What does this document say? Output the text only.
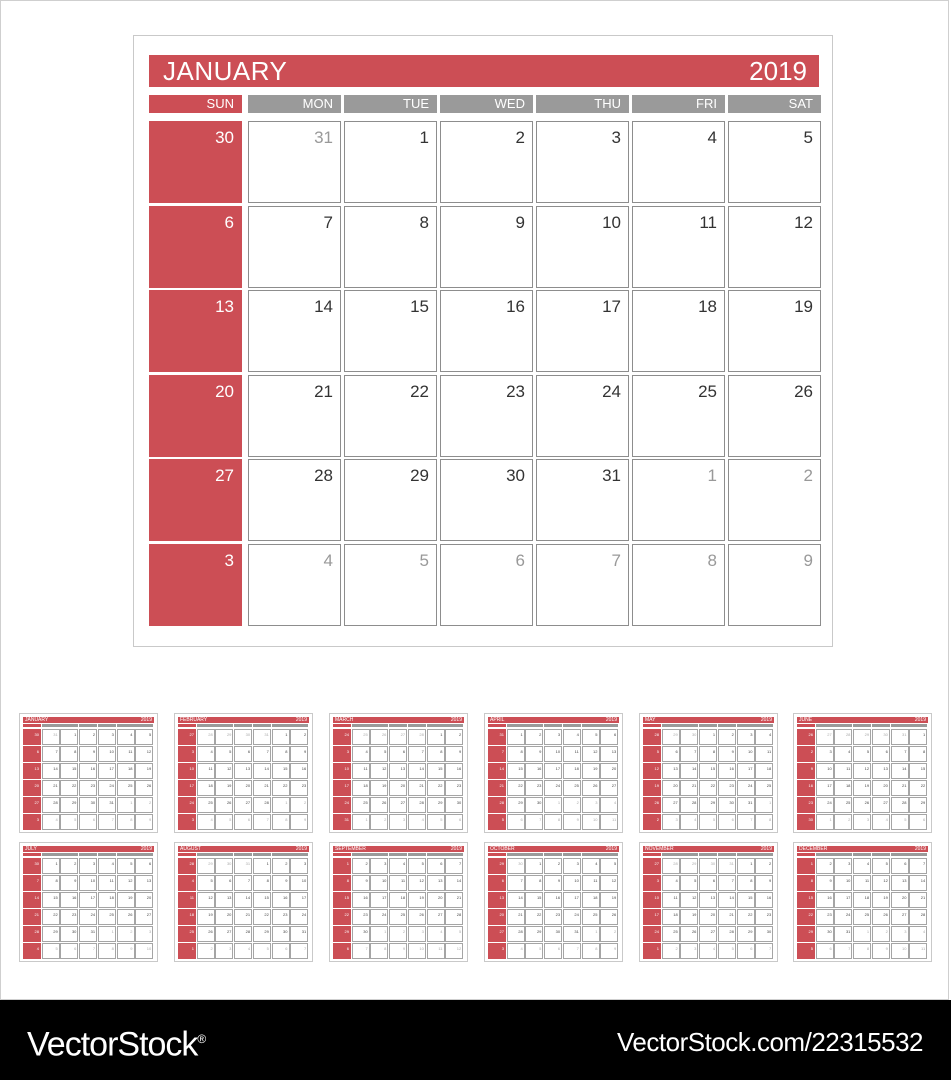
JANUARY	2019
SUN	MON	TUE	WED	THU	FRI	SAT
30	31	1	2	3	4	5
6	7	8	9	10	11	12
13	14	15	16	17	18	19
20	21	22	23	24	25	26
27	28	29	30	31	1	2
3	4	5	6	7	8	9
JANUARY	2019
30	31	1	2	3	4	5
6	7	8	9	10	11	12
13	14	15	16	17	18	19
20	21	22	23	24	25	26
27	28	29	30	31	1	2
3	4	5	6	7	8	9
FEBRUARY	2019
27	28	29	30	31	1	2
3	4	5	6	7	8	9
10	11	12	13	14	15	16
17	18	19	20	21	22	23
24	25	26	27	28	1	2
3	4	5	6	7	8	9
MARCH	2019
24	25	26	27	28	1	2
3	4	5	6	7	8	9
10	11	12	13	14	15	16
17	18	19	20	21	22	23
24	25	26	27	28	29	30
31	1	2	3	4	5	6
APRIL	2019
31	1	2	3	4	5	6
7	8	9	10	11	12	13
14	15	16	17	18	19	20
21	22	23	24	25	26	27
28	29	30	1	2	3	4
5	6	7	8	9	10	11
MAY	2019
28	29	30	1	2	3	4
5	6	7	8	9	10	11
12	13	14	15	16	17	18
19	20	21	22	23	24	25
26	27	28	29	30	31	1
2	3	4	5	6	7	8
JUNE	2019
26	27	28	29	30	31	1
2	3	4	5	6	7	8
9	10	11	12	13	14	15
16	17	18	19	20	21	22
23	24	25	26	27	28	29
30	1	2	3	4	5	6
JULY	2019
30	1	2	3	4	5	6
7	8	9	10	11	12	13
14	15	16	17	18	19	20
21	22	23	24	25	26	27
28	29	30	31	1	2	3
4	5	6	7	8	9	10
AUGUST	2019
28	29	30	31	1	2	3
4	5	6	7	8	9	10
11	12	13	14	15	16	17
18	19	20	21	22	23	24
25	26	27	28	29	30	31
1	2	3	4	5	6	7
SEPTEMBER	2019
1	2	3	4	5	6	7
8	9	10	11	12	13	14
15	16	17	18	19	20	21
22	23	24	25	26	27	28
29	30	1	2	3	4	5
6	7	8	9	10	11	12
OCTOBER	2019
29	30	1	2	3	4	5
6	7	8	9	10	11	12
13	14	15	16	17	18	19
20	21	22	23	24	25	26
27	28	29	30	31	1	2
3	4	5	6	7	8	9
NOVEMBER	2019
27	28	29	30	31	1	2
3	4	5	6	7	8	9
10	11	12	13	14	15	16
17	18	19	20	21	22	23
24	25	26	27	28	29	30
1	2	3	4	5	6	7
DECEMBER	2019
1	2	3	4	5	6	7
8	9	10	11	12	13	14
15	16	17	18	19	20	21
22	23	24	25	26	27	28
29	30	31	1	2	3	4
5	6	7	8	9	10	11
VectorStock®	VectorStock.com/22315532
